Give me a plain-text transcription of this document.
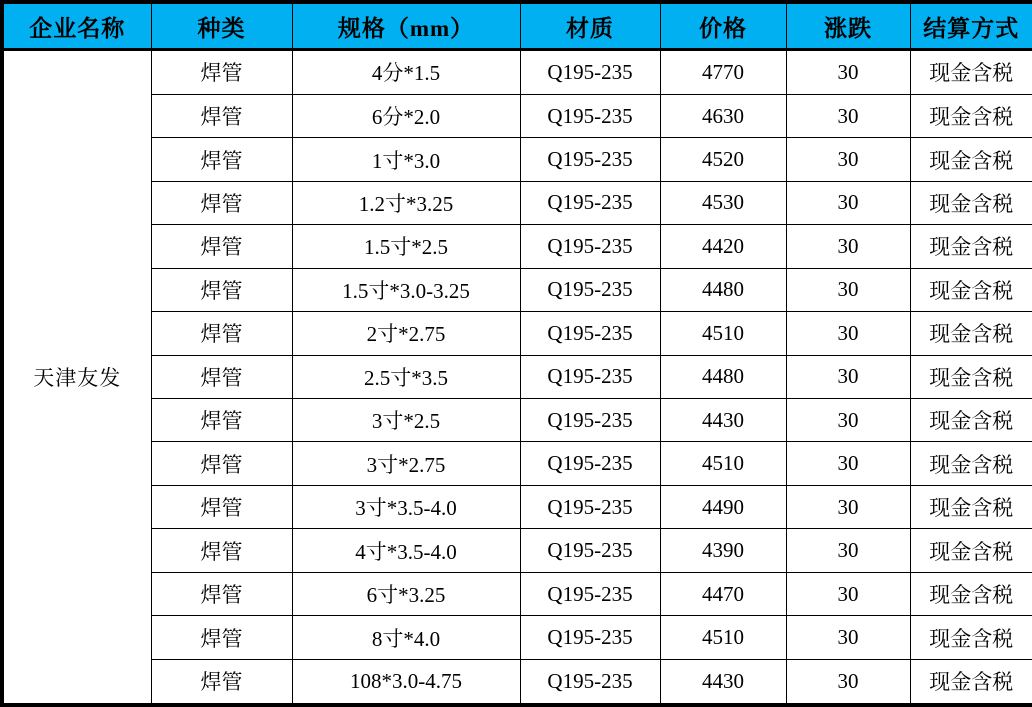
企业名称	种类	规格（mm）	材质	价格	涨跌	结算方式
天津友发	焊管	4分*1.5	Q195-235	4770	30	现金含税
	焊管	6分*2.0	Q195-235	4630	30	现金含税
	焊管	1寸*3.0	Q195-235	4520	30	现金含税
	焊管	1.2寸*3.25	Q195-235	4530	30	现金含税
	焊管	1.5寸*2.5	Q195-235	4420	30	现金含税
	焊管	1.5寸*3.0-3.25	Q195-235	4480	30	现金含税
	焊管	2寸*2.75	Q195-235	4510	30	现金含税
	焊管	2.5寸*3.5	Q195-235	4480	30	现金含税
	焊管	3寸*2.5	Q195-235	4430	30	现金含税
	焊管	3寸*2.75	Q195-235	4510	30	现金含税
	焊管	3寸*3.5-4.0	Q195-235	4490	30	现金含税
	焊管	4寸*3.5-4.0	Q195-235	4390	30	现金含税
	焊管	6寸*3.25	Q195-235	4470	30	现金含税
	焊管	8寸*4.0	Q195-235	4510	30	现金含税
	焊管	108*3.0-4.75	Q195-235	4430	30	现金含税
